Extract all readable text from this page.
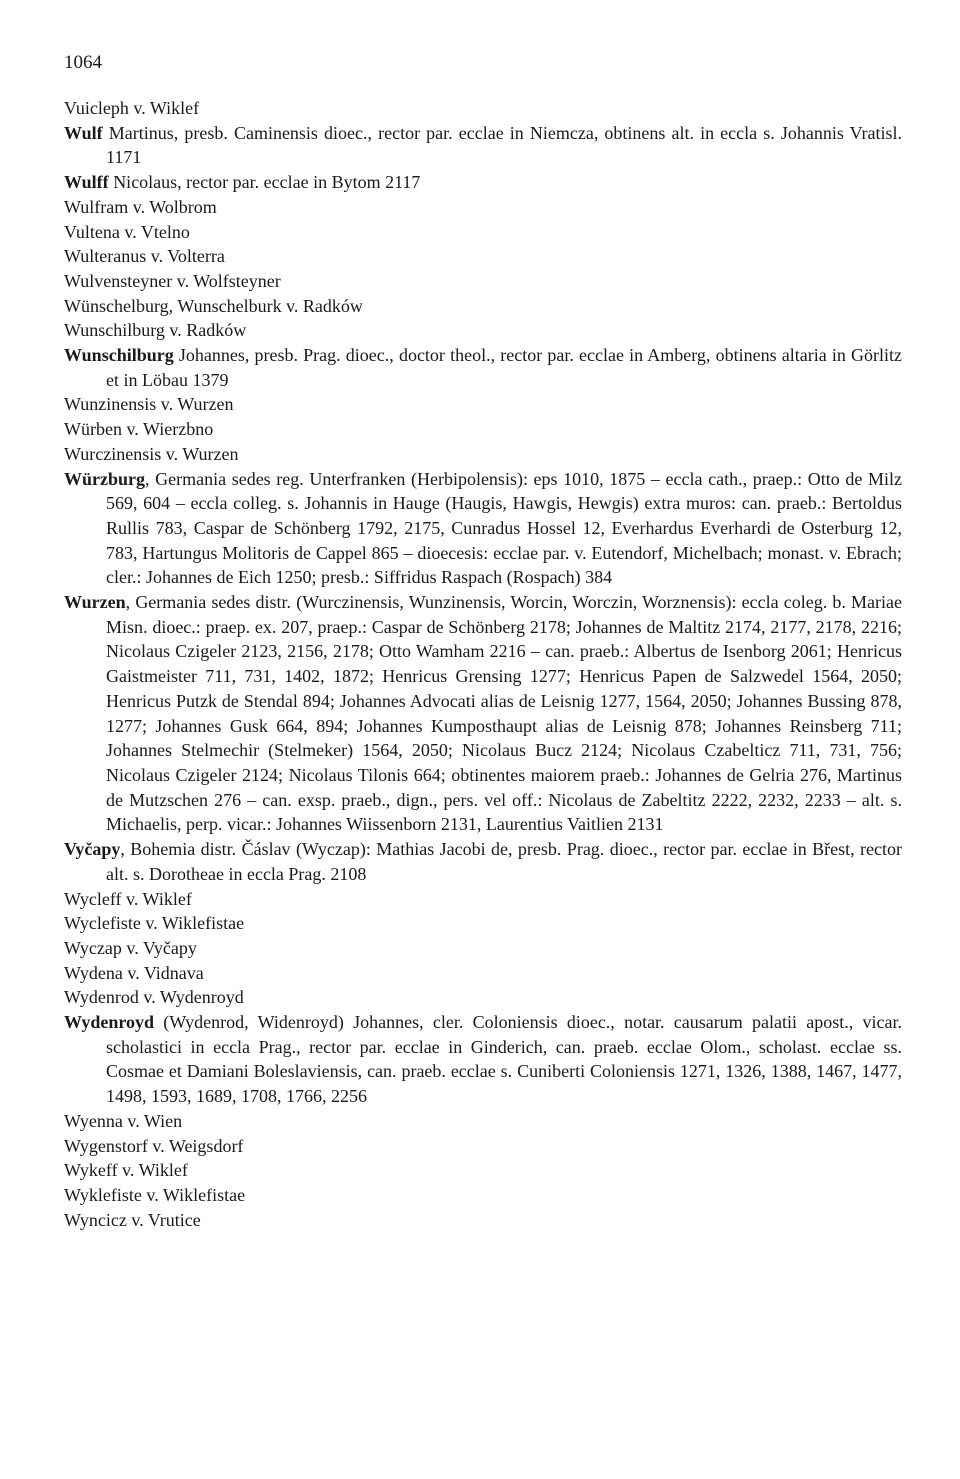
1064
Vuicleph v. Wiklef
Wulf Martinus, presb. Caminensis dioec., rector par. ecclae in Niemcza, obtinens alt. in eccla s. Johannis Vratisl. 1171
Wulff Nicolaus, rector par. ecclae in Bytom 2117
Wulfram v. Wolbrom
Vultena v. Vtelno
Wulteranus v. Volterra
Wulvensteyner v. Wolfsteyner
Wünschelburg, Wunschelburk v. Radków
Wunschilburg v. Radków
Wunschilburg Johannes, presb. Prag. dioec., doctor theol., rector par. ecclae in Amberg, obtinens altaria in Görlitz et in Löbau 1379
Wunzinensis v. Wurzen
Würben v. Wierzbno
Wurczinensis v. Wurzen
Würzburg, Germania sedes reg. Unterfranken (Herbipolensis): eps 1010, 1875 – eccla cath., praep.: Otto de Milz 569, 604 – eccla colleg. s. Johannis in Hauge (Haugis, Hawgis, Hewgis) extra muros: can. praeb.: Bertoldus Rullis 783, Caspar de Schönberg 1792, 2175, Cunradus Hossel 12, Everhardus Everhardi de Osterburg 12, 783, Hartungus Molitoris de Cappel 865 – dioecesis: ecclae par. v. Eutendorf, Michelbach; monast. v. Ebrach; cler.: Johannes de Eich 1250; presb.: Siffridus Raspach (Rospach) 384
Wurzen, Germania sedes distr. (Wurczinensis, Wunzinensis, Worcin, Worczin, Worznensis): eccla coleg. b. Mariae Misn. dioec.: praep. ex. 207, praep.: Caspar de Schönberg 2178; Johannes de Maltitz 2174, 2177, 2178, 2216; Nicolaus Czigeler 2123, 2156, 2178; Otto Wamham 2216 – can. praeb.: Albertus de Isenborg 2061; Henricus Gaistmeister 711, 731, 1402, 1872; Henricus Grensing 1277; Henricus Papen de Salzwedel 1564, 2050; Henricus Putzk de Stendal 894; Johannes Advocati alias de Leisnig 1277, 1564, 2050; Johannes Bussing 878, 1277; Johannes Gusk 664, 894; Johannes Kumposthaupt alias de Leisnig 878; Johannes Reinsberg 711; Johannes Stelmechir (Stelmeker) 1564, 2050; Nicolaus Bucz 2124; Nicolaus Czabelticz 711, 731, 756; Nicolaus Czigeler 2124; Nicolaus Tilonis 664; obtinentes maiorem praeb.: Johannes de Gelria 276, Martinus de Mutzschen 276 – can. exsp. praeb., dign., pers. vel off.: Nicolaus de Zabeltitz 2222, 2232, 2233 – alt. s. Michaelis, perp. vicar.: Johannes Wiissenborn 2131, Laurentius Vaitlien 2131
Vyčapy, Bohemia distr. Čáslav (Wyczap): Mathias Jacobi de, presb. Prag. dioec., rector par. ecclae in Břest, rector alt. s. Dorotheae in eccla Prag. 2108
Wycleff v. Wiklef
Wyclefiste v. Wiklefistae
Wyczap v. Vyčapy
Wydena v. Vidnava
Wydenrod v. Wydenroyd
Wydenroyd (Wydenrod, Widenroyd) Johannes, cler. Coloniensis dioec., notar. causarum palatii apost., vicar. scholastici in eccla Prag., rector par. ecclae in Ginderich, can. praeb. ecclae Olom., scholast. ecclae ss. Cosmae et Damiani Boleslaviensis, can. praeb. ecclae s. Cuniberti Coloniensis 1271, 1326, 1388, 1467, 1477, 1498, 1593, 1689, 1708, 1766, 2256
Wyenna v. Wien
Wygenstorf v. Weigsdorf
Wykeff v. Wiklef
Wyklefiste v. Wiklefistae
Wyncicz v. Vrutice
